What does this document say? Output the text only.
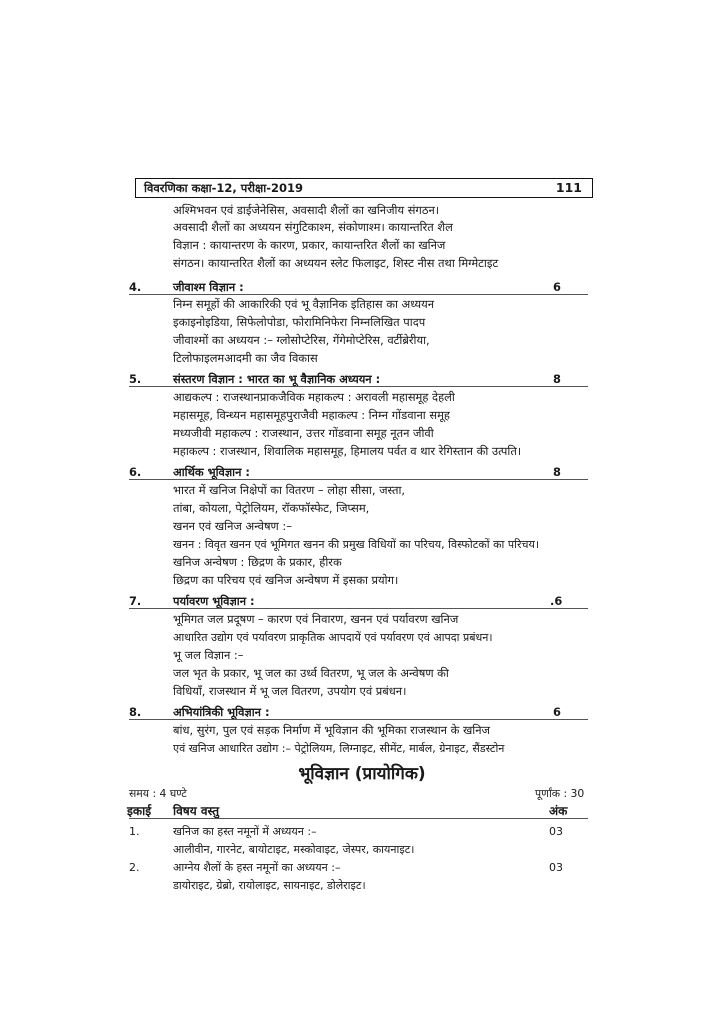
विवरणिका कक्षा-12, परीक्षा-2019	111
अश्मिभवन एवं डाईजेनेसिस, अवसादी शैलों का खनिजीय संगठन।
अवसादी शैलों का अध्ययन संगुटिकाश्म, संकोणाश्म। कायान्तरित शैल
विज्ञान : कायान्तरण के कारण, प्रकार, कायान्तरित शैलों का खनिज
संगठन। कायान्तरित शैलों का अध्ययन स्लेट फिलाइट, शिस्ट नीस तथा मिग्मेटाइट
4.	जीवाश्म विज्ञान :	6
निम्न समूहों की आकारिकी एवं भू वैज्ञानिक इतिहास का अध्ययन
इकाइनोइडिया, सिफेलोपोडा, फोरामिनिफेरा निम्नलिखित पादप
जीवाश्मों का अध्ययन :– ग्लोसोप्टेरिस, गेंगेमोप्टेरिस, वर्टीब्रेरीया,
टिलोफाइलमआदमी का जैव विकास
5.	संस्तरण विज्ञान : भारत का भू वैज्ञानिक अध्ययन :	8
आद्यकल्प : राजस्थानप्राकजैविक महाकल्प : अरावली महासमूह देहली
महासमूह, विन्ध्यन महासमूहपुराजैवी महाकल्प : निम्न गोंडवाना समूह
मध्यजीवी महाकल्प : राजस्थान, उत्तर गोंडवाना समूह नूतन जीवी
महाकल्प : राजस्थान, शिवालिक महासमूह, हिमालय पर्वत व थार रेगिस्तान की उत्पति।
6.	आर्थिक भूविज्ञान :	8
भारत में खनिज निक्षेपों का वितरण – लोहा सीसा, जस्ता,
तांबा, कोयला, पेट्रोलियम, रॉकफॉस्फेट, जिप्सम,
खनन एवं खनिज अन्वेषण :–
खनन : विवृत खनन एवं भूमिगत खनन की प्रमुख विधियों का परिचय, विस्फोटकों का परिचय।
खनिज अन्वेषण : छिद्रण के प्रकार, हीरक
छिद्रण का परिचय एवं खनिज अन्वेषण में इसका प्रयोग।
7.	पर्यावरण भूविज्ञान :	.6
भूमिगत जल प्रदूषण – कारण एवं निवारण, खनन एवं पर्यावरण खनिज
आधारित उद्योग एवं पर्यावरण प्राकृतिक आपदायें एवं पर्यावरण एवं आपदा प्रबंधन।
भू जल विज्ञान :–
जल भृत के प्रकार, भू जल का उर्ध्व वितरण, भू जल के अन्वेषण की
विधियाँ, राजस्थान में भू जल वितरण, उपयोग एवं प्रबंधन।
8.	अभियांत्रिकी भूविज्ञान :	6
बांध, सुरंग, पुल एवं सड़क निर्माण में भूविज्ञान की भूमिका राजस्थान के खनिज
एवं खनिज आधारित उद्योग :– पेट्रोलियम, लिग्नाइट, सीमेंट, मार्बल, ग्रेनाइट, सैंडस्टोन
भूविज्ञान (प्रायोगिक)
समय : 4 घण्टे	पूर्णांक : 30
इकाई विषय वस्तु	अंक
1.	खनिज का हस्त नमूनों में अध्ययन :–	03
आलीवीन, गारनेट, बायोटाइट, मस्कोवाइट, जेस्पर, कायनाइट।
2.	आग्नेय शैलों के हस्त नमूनों का अध्ययन :–	03
डायोराइट, ग्रेब्रो, रायोलाइट, सायनाइट, डोलेराइट।
